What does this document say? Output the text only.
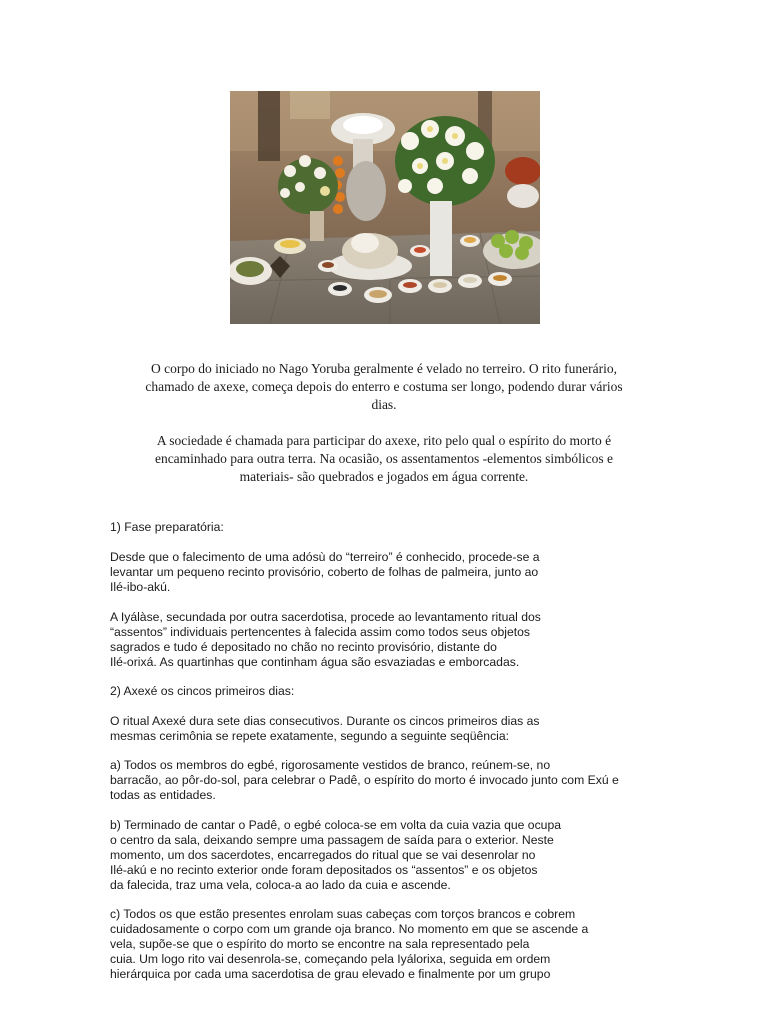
O corpo do iniciado no Nago Yoruba geralmente é velado no terreiro. O rito funerário,
chamado de axexe, começa depois do enterro e costuma ser longo, podendo durar vários
dias.

A sociedade é chamada para participar do axexe, rito pelo qual o espírito do morto é
encaminhado para outra terra. Na ocasião, os assentamentos -elementos simbólicos e
materiais- são quebrados e jogados em água corrente.

1) Fase preparatória:

Desde que o falecimento de uma adósù do “terreiro” é conhecido, procede-se a
levantar um pequeno recinto provisório, coberto de folhas de palmeira, junto ao
Ilé-ibo-akú.

A Iyálàse, secundada por outra sacerdotisa, procede ao levantamento ritual dos
“assentos” individuais pertencentes à falecida assim como todos seus objetos
sagrados e tudo é depositado no chão no recinto provisório, distante do
Ilé-orixá. As quartinhas que continham água são esvaziadas e emborcadas.

2) Axexé os cincos primeiros dias:

O ritual Axexé dura sete dias consecutivos. Durante os cincos primeiros dias as
mesmas cerimônia se repete exatamente, segundo a seguinte seqüência:

a) Todos os membros do egbé, rigorosamente vestidos de branco, reúnem-se, no
barracão, ao pôr-do-sol, para celebrar o Padê, o espírito do morto é invocado junto com Exú e
todas as entidades.

b) Terminado de cantar o Padê, o egbé coloca-se em volta da cuia vazia que ocupa
o centro da sala, deixando sempre uma passagem de saída para o exterior. Neste
momento, um dos sacerdotes, encarregados do ritual que se vai desenrolar no
Ilé-akú e no recinto exterior onde foram depositados os “assentos” e os objetos
da falecida, traz uma vela, coloca-a ao lado da cuia e ascende.

c) Todos os que estão presentes enrolam suas cabeças com torços brancos e cobrem
cuidadosamente o corpo com um grande oja branco. No momento em que se ascende a
vela, supõe-se que o espírito do morto se encontre na sala representado pela
cuia. Um logo rito vai desenrola-se, começando pela Iyálorixa, seguida em ordem
hierárquica por cada uma sacerdotisa de grau elevado e finalmente por um grupo
